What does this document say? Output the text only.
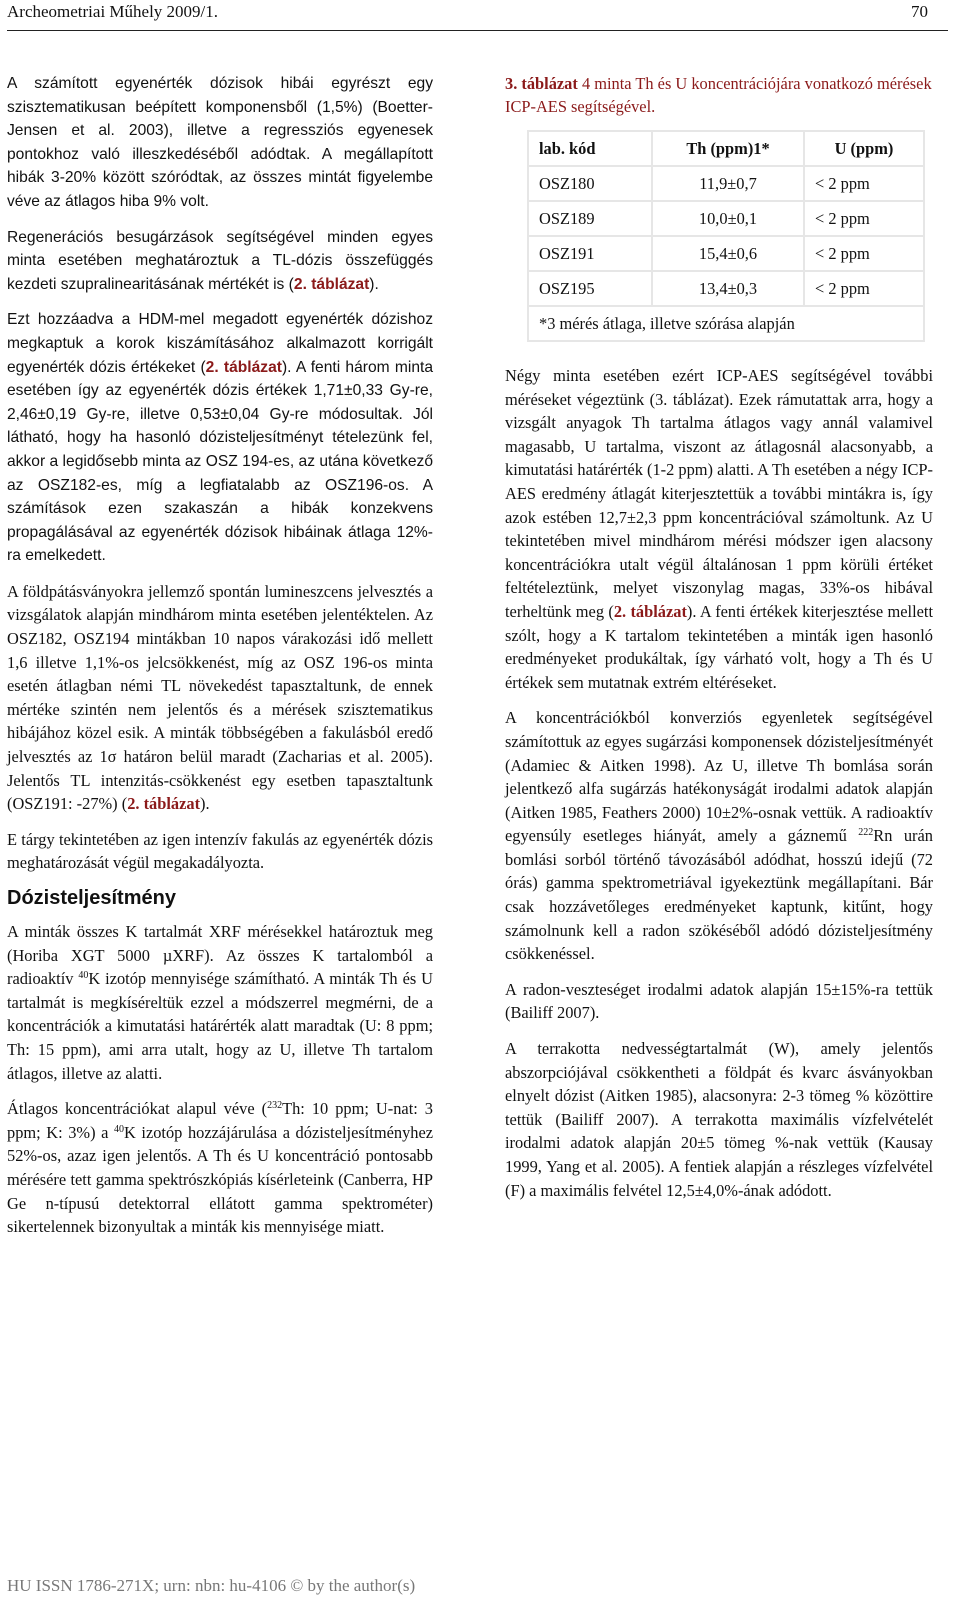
Archeometriai Műhely 2009/1.	70

A számított egyenérték dózisok hibái egyrészt egy szisztematikusan beépített komponensből (1,5%) (Boetter-Jensen et al. 2003), illetve a regressziós egyenesek pontokhoz való illeszkedéséből adódtak. A megállapított hibák 3-20% között szóródtak, az összes mintát figyelembe véve az átlagos hiba 9% volt.

Regenerációs besugárzások segítségével minden egyes minta esetében meghatároztuk a TL-dózis összefüggés kezdeti szupralinearitásának mértékét is (2. táblázat).

Ezt hozzáadva a HDM-mel megadott egyenérték dózishoz megkaptuk a korok kiszámításához alkalmazott korrigált egyenérték dózis értékeket (2. táblázat). A fenti három minta esetében így az egyenérték dózis értékek 1,71±0,33 Gy-re, 2,46±0,19 Gy-re, illetve 0,53±0,04 Gy-re módosultak. Jól látható, hogy ha hasonló dózisteljesítményt tételezünk fel, akkor a legidősebb minta az OSZ 194-es, az utána következő az OSZ182-es, míg a legfiatalabb az OSZ196-os. A számítások ezen szakaszán a hibák konzekvens propagálásával az egyenérték dózisok hibáinak átlaga 12%-ra emelkedett.

A földpátásványokra jellemző spontán lumineszcens jelvesztés a vizsgálatok alapján mindhárom minta esetében jelentéktelen. Az OSZ182, OSZ194 mintákban 10 napos várakozási idő mellett 1,6 illetve 1,1%-os jelcsökkenést, míg az OSZ 196-os minta esetén átlagban némi TL növekedést tapasztaltunk, de ennek mértéke szintén nem jelentős és a mérések szisztematikus hibájához közel esik. A minták többségében a fakulásból eredő jelvesztés az 1σ határon belül maradt (Zacharias et al. 2005). Jelentős TL intenzitás-csökkenést egy esetben tapasztaltunk (OSZ191: -27%) (2. táblázat).

E tárgy tekintetében az igen intenzív fakulás az egyenérték dózis meghatározását végül megakadályozta.

Dózisteljesítmény

A minták összes K tartalmát XRF mérésekkel határoztuk meg (Horiba XGT 5000 µXRF). Az összes K tartalomból a radioaktív $^{40}$K izotóp mennyisége számítható. A minták Th és U tartalmát is megkíséreltük ezzel a módszerrel megmérni, de a koncentrációk a kimutatási határérték alatt maradtak (U: 8 ppm; Th: 15 ppm), ami arra utalt, hogy az U, illetve Th tartalom átlagos, illetve az alatti.

Átlagos koncentrációkat alapul véve ($^{232}$Th: 10 ppm; U-nat: 3 ppm; K: 3%) a $^{40}$K izotóp hozzájárulása a dózisteljesítményhez 52%-os, azaz igen jelentős. A Th és U koncentráció pontosabb mérésére tett gamma spektrószkópiás kísérleteink (Canberra, HP Ge n-típusú detektorral ellátott gamma spektrométer) sikertelennek bizonyultak a minták kis mennyisége miatt.

3. táblázat 4 minta Th és U koncentrációjára vonatkozó mérések ICP-AES segítségével.

lab. kód	Th (ppm)1*	U (ppm)
OSZ180	11,9±0,7	< 2 ppm
OSZ189	10,0±0,1	< 2 ppm
OSZ191	15,4±0,6	< 2 ppm
OSZ195	13,4±0,3	< 2 ppm
*3 mérés átlaga, illetve szórása alapján		

Négy minta esetében ezért ICP-AES segítségével további méréseket végeztünk (3. táblázat). Ezek rámutattak arra, hogy a vizsgált anyagok Th tartalma átlagos vagy annál valamivel magasabb, U tartalma, viszont az átlagosnál alacsonyabb, a kimutatási határérték (1-2 ppm) alatti. A Th esetében a négy ICP-AES eredmény átlagát kiterjesztettük a további mintákra is, így azok estében 12,7±2,3 ppm koncentrációval számoltunk. Az U tekintetében mivel mindhárom mérési módszer igen alacsony koncentrációkra utalt végül általánosan 1 ppm körüli értéket feltételeztünk, melyet viszonylag magas, 33%-os hibával terheltünk meg (2. táblázat). A fenti értékek kiterjesztése mellett szólt, hogy a K tartalom tekintetében a minták igen hasonló eredményeket produkáltak, így várható volt, hogy a Th és U értékek sem mutatnak extrém eltéréseket.

A koncentrációkból konverziós egyenletek segítségével számítottuk az egyes sugárzási komponensek dózisteljesítményét (Adamiec & Aitken 1998). Az U, illetve Th bomlása során jelentkező alfa sugárzás hatékonyságát irodalmi adatok alapján (Aitken 1985, Feathers 2000) 10±2%-osnak vettük. A radioaktív egyensúly esetleges hiányát, amely a gáznemű $^{222}$Rn urán bomlási sorból történő távozásából adódhat, hosszú idejű (72 órás) gamma spektrometriával igyekeztünk megállapítani. Bár csak hozzávetőleges eredményeket kaptunk, kitűnt, hogy számolnunk kell a radon szökéséből adódó dózisteljesítmény csökkenéssel.

A radon-veszteséget irodalmi adatok alapján 15±15%-ra tettük (Bailiff 2007).

A terrakotta nedvességtartalmát (W), amely jelentős abszorpciójával csökkentheti a földpát és kvarc ásványokban elnyelt dózist (Aitken 1985), alacsonyra: 2-3 tömeg % közöttire tettük (Bailiff 2007). A terrakotta maximális vízfelvételét irodalmi adatok alapján 20±5 tömeg %-nak vettük (Kausay 1999, Yang et al. 2005). A fentiek alapján a részleges vízfelvétel (F) a maximális felvétel 12,5±4,0%-ának adódott.

HU ISSN 1786-271X; urn: nbn: hu-4106 © by the author(s)
